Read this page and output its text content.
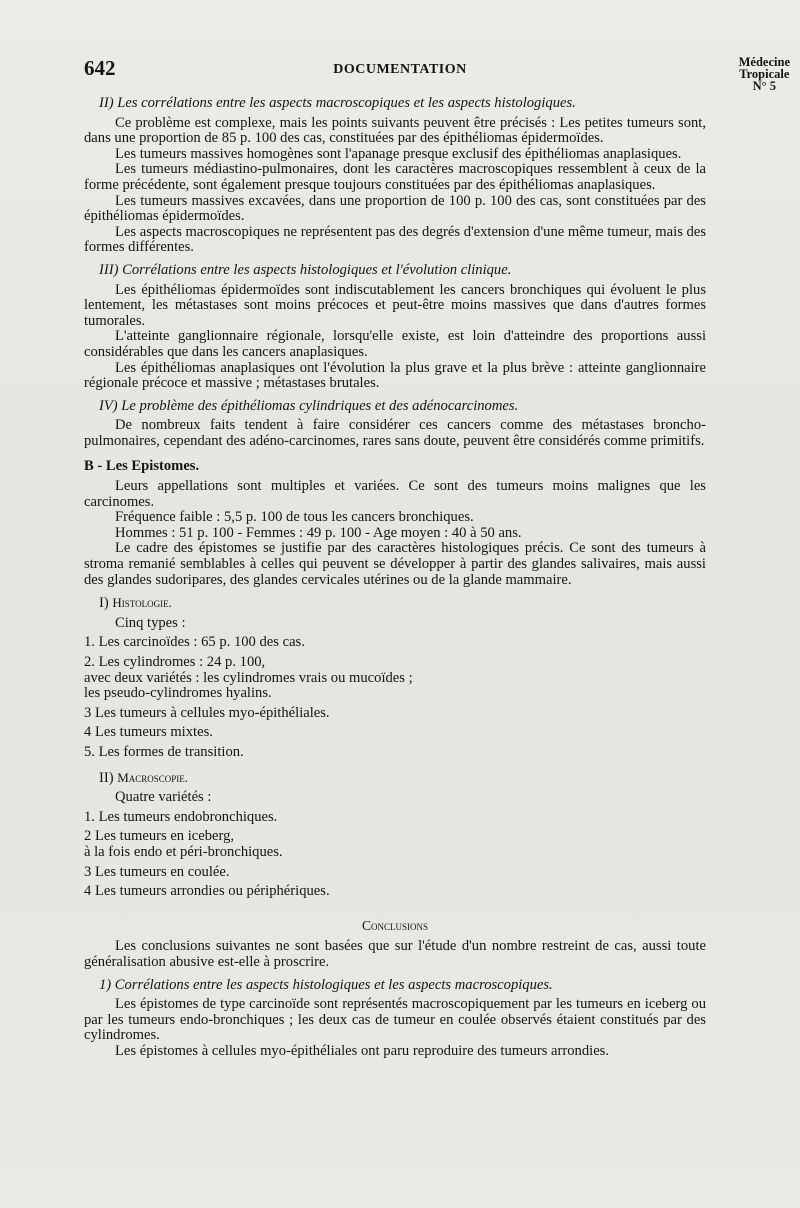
642	DOCUMENTATION	Médecine
Tropicale
N° 5
II) Les corrélations entre les aspects macroscopiques et les aspects histologiques.

Ce problème est complexe, mais les points suivants peuvent être précisés : Les petites tumeurs sont, dans une proportion de 85 p. 100 des cas, constituées par des épithéliomas épidermoïdes.

Les tumeurs massives homogènes sont l'apanage presque exclusif des épithéliomas anaplasiques.

Les tumeurs médiastino-pulmonaires, dont les caractères macroscopiques ressemblent à ceux de la forme précédente, sont également presque toujours constituées par des épithéliomas anaplasiques.

Les tumeurs massives excavées, dans une proportion de 100 p. 100 des cas, sont constituées par des épithéliomas épidermoïdes.

Les aspects macroscopiques ne représentent pas des degrés d'extension d'une même tumeur, mais des formes différentes.

III) Corrélations entre les aspects histologiques et l'évolution clinique.

Les épithéliomas épidermoïdes sont indiscutablement les cancers bronchiques qui évoluent le plus lentement, les métastases sont moins précoces et peut-être moins massives que dans d'autres formes tumorales.

L'atteinte ganglionnaire régionale, lorsqu'elle existe, est loin d'atteindre des proportions aussi considérables que dans les cancers anaplasiques.

Les épithéliomas anaplasiques ont l'évolution la plus grave et la plus brève : atteinte ganglionnaire régionale précoce et massive ; métastases brutales.

IV) Le problème des épithéliomas cylindriques et des adénocarcinomes.

De nombreux faits tendent à faire considérer ces cancers comme des métastases broncho-pulmonaires, cependant des adéno-carcinomes, rares sans doute, peuvent être considérés comme primitifs.

B - Les Epistomes.

Leurs appellations sont multiples et variées. Ce sont des tumeurs moins malignes que les carcinomes.

Fréquence faible : 5,5 p. 100 de tous les cancers bronchiques.

Hommes : 51 p. 100 - Femmes : 49 p. 100 - Age moyen : 40 à 50 ans.

Le cadre des épistomes se justifie par des caractères histologiques précis. Ce sont des tumeurs à stroma remanié semblables à celles qui peuvent se développer à partir des glandes salivaires, mais aussi des glandes sudoripares, des glandes cervicales utérines ou de la glande mammaire.

I) Histologie.

Cinq types :

1. Les carcinoïdes : 65 p. 100 des cas.
2. Les cylindromes : 24 p. 100,
avec deux variétés : les cylindromes vrais ou mucoïdes ;
les pseudo-cylindromes hyalins.
3 Les tumeurs à cellules myo-épithéliales.
4 Les tumeurs mixtes.
5. Les formes de transition.
II) Macroscopie.

Quatre variétés :

1. Les tumeurs endobronchiques.
2 Les tumeurs en iceberg,
à la fois endo et péri-bronchiques.
3 Les tumeurs en coulée.
4 Les tumeurs arrondies ou périphériques.
Conclusions

Les conclusions suivantes ne sont basées que sur l'étude d'un nombre restreint de cas, aussi toute généralisation abusive est-elle à proscrire.

1) Corrélations entre les aspects histologiques et les aspects macroscopiques.

Les épistomes de type carcinoïde sont représentés macroscopiquement par les tumeurs en iceberg ou par les tumeurs endo-bronchiques ; les deux cas de tumeur en coulée observés étaient constitués par des cylindromes.

Les épistomes à cellules myo-épithéliales ont paru reproduire des tumeurs arrondies.
